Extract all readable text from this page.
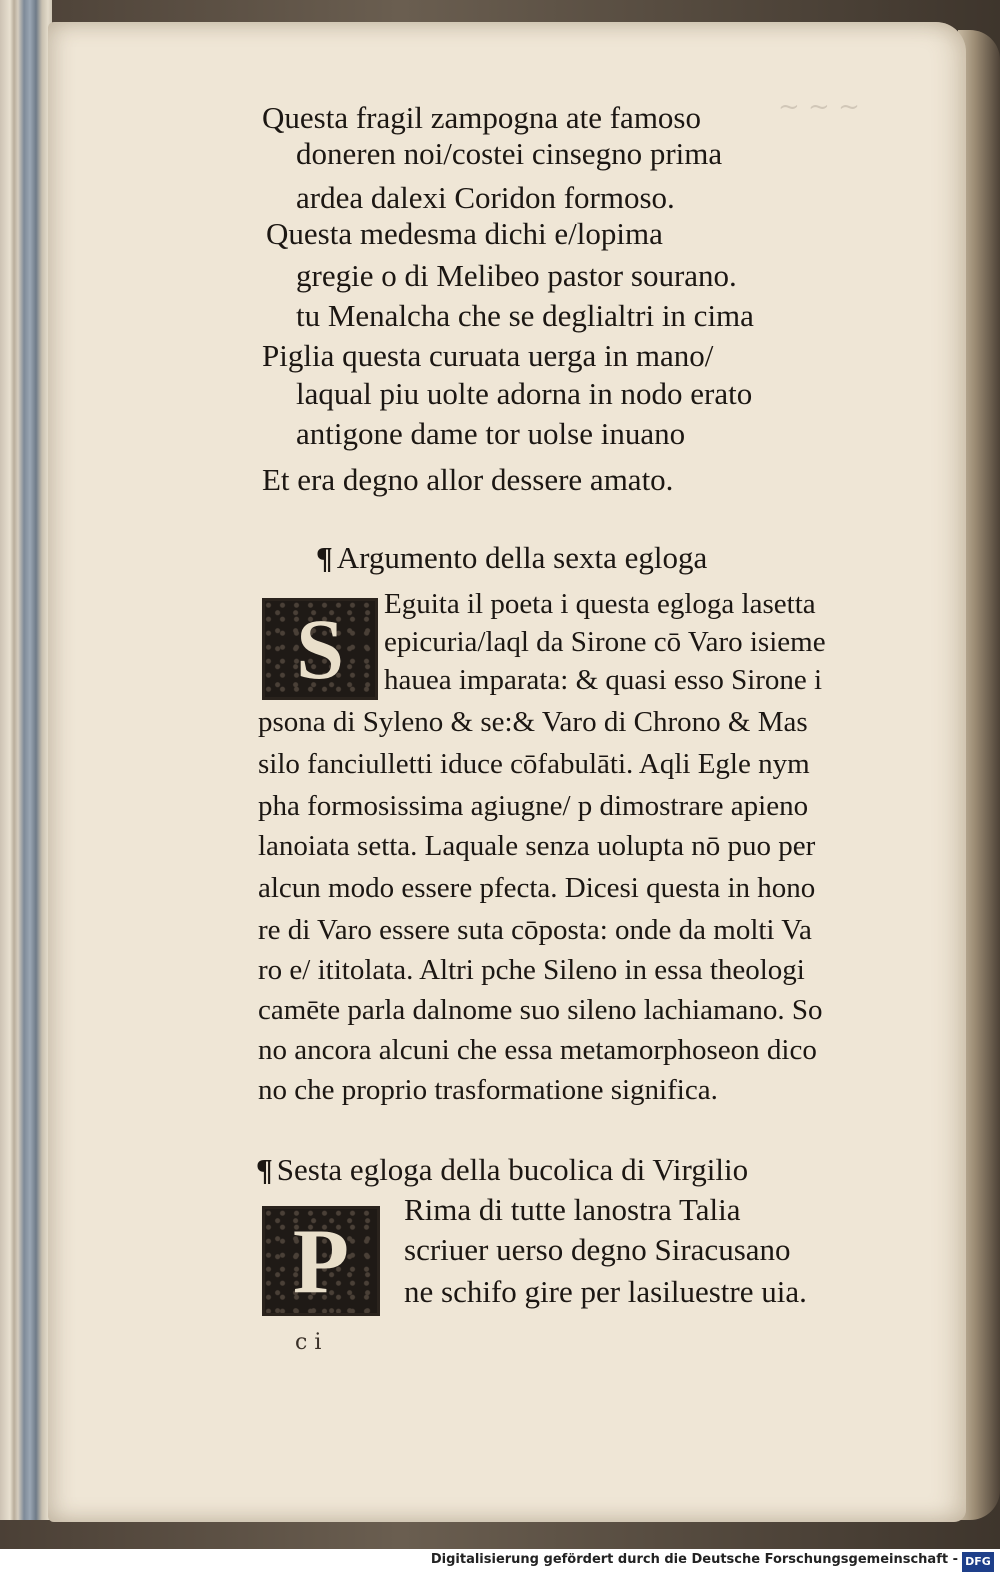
~ ~ ~
Questa fragil zampogna ate famoso
doneren noi/costei cinsegno prima
ardea dalexi Coridon formoso.
Questa medesma dichi e/lopima
gregie o di Melibeo pastor sourano.
tu Menalcha che se deglialtri in cima
Piglia questa curuata uerga in mano/
laqual piu uolte adorna in nodo erato
antigone dame tor uolse inuano
Et era degno allor dessere amato.
¶ Argumento della sexta egloga
S	Eguita il poeta i questa egloga lasetta
epicuria/laql da Sirone cō Varo isieme
hauea imparata: & quasi esso Sirone i
psona di Syleno & se:& Varo di Chrono & Mas
silo fanciulletti iduce cōfabulāti. Aqli Egle nym
pha formosissima agiugne/ p dimostrare apieno
lanoiata setta. Laquale senza uolupta nō puo per
alcun modo essere pfecta. Dicesi questa in hono
re di Varo essere suta cōposta: onde da molti Va
ro e/ ititolata. Altri pche Sileno in essa theologi
camēte parla dalnome suo sileno lachiamano. So
no ancora alcuni che essa metamorphoseon dico
no che proprio trasformatione significa.
¶ Sesta egloga della bucolica di Virgilio
P
Rima di tutte lanostra Talia
scriuer uerso degno Siracusano
ne schifo gire per lasiluestre uia.
c i
Digitalisierung gefördert durch die Deutsche Forschungsgemeinschaft - DFG
